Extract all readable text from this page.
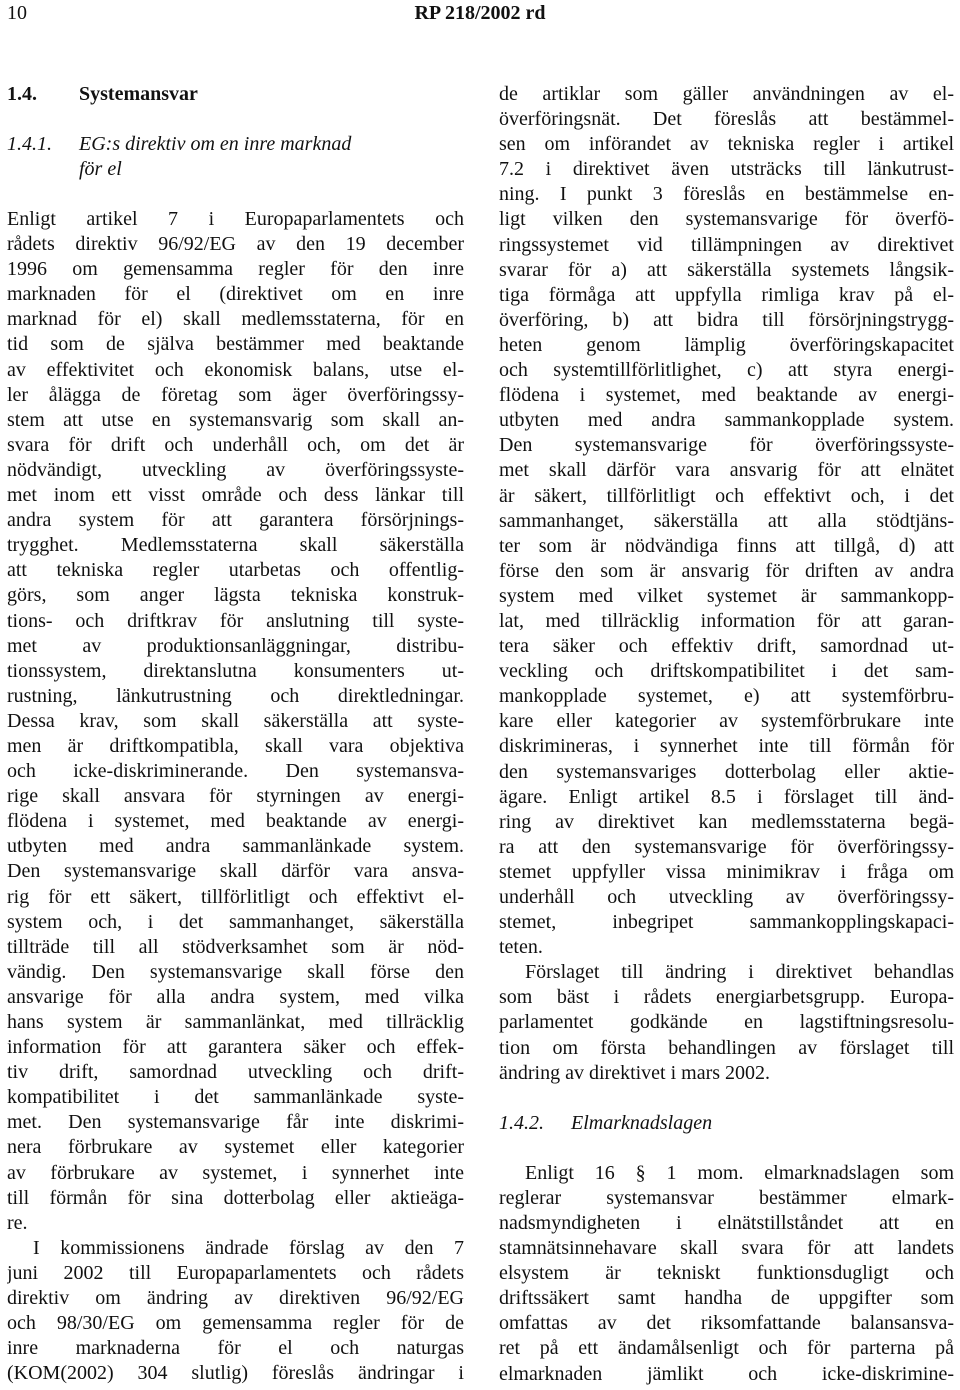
10	RP 218/2002 rd
1.4. Systemansvar
1.4.1. EG:s direktiv om en inre marknad
för el

Enligt artikel 7 i Europaparlamentets och
rådets direktiv 96/92/EG av den 19 december
1996 om gemensamma regler för den inre
marknaden för el (direktivet om en inre
marknad för el) skall medlemsstaterna, för en
tid som de själva bestämmer med beaktande
av effektivitet och ekonomisk balans, utse el-
ler ålägga de företag som äger överföringssy-
stem att utse en systemansvarig som skall an-
svara för drift och underhåll och, om det är
nödvändigt, utveckling av överföringssyste-
met inom ett visst område och dess länkar till
andra system för att garantera försörjnings-
trygghet. Medlemsstaterna skall säkerställa
att tekniska regler utarbetas och offentlig-
görs, som anger lägsta tekniska konstruk-
tions- och driftkrav för anslutning till syste-
met av produktionsanläggningar, distribu-
tionssystem, direktanslutna konsumenters ut-
rustning, länkutrustning och direktledningar.
Dessa krav, som skall säkerställa att syste-
men är driftkompatibla, skall vara objektiva
och icke-diskriminerande. Den systemansva-
rige skall ansvara för styrningen av energi-
flödena i systemet, med beaktande av energi-
utbyten med andra sammanlänkade system.
Den systemansvarige skall därför vara ansva-
rig för ett säkert, tillförlitligt och effektivt el-
system och, i det sammanhanget, säkerställa
tillträde till all stödverksamhet som är nöd-
vändig. Den systemansvarige skall förse den
ansvarige för alla andra system, med vilka
hans system är sammanlänkat, med tillräcklig
information för att garantera säker och effek-
tiv drift, samordnad utveckling och drift-
kompatibilitet i det sammanlänkade syste-
met. Den systemansvarige får inte diskrimi-
nera förbrukare av systemet eller kategorier
av förbrukare av systemet, i synnerhet inte
till förmån för sina dotterbolag eller aktieäga-
re.

I kommissionens ändrade förslag av den 7
juni 2002 till Europaparlamentets och rådets
direktiv om ändring av direktiven 96/92/EG
och 98/30/EG om gemensamma regler för de
inre marknaderna för el och naturgas
(KOM(2002) 304 slutlig) föreslås ändringar i

de artiklar som gäller användningen av el-
överföringsnät. Det föreslås att bestämmel-
sen om införandet av tekniska regler i artikel
7.2 i direktivet även utsträcks till länkutrust-
ning. I punkt 3 föreslås en bestämmelse en-
ligt vilken den systemansvarige för överfö-
ringssystemet vid tillämpningen av direktivet
svarar för a) att säkerställa systemets långsik-
tiga förmåga att uppfylla rimliga krav på el-
överföring, b) att bidra till försörjningstrygg-
heten genom lämplig överföringskapacitet
och systemtillförlitlighet, c) att styra energi-
flödena i systemet, med beaktande av energi-
utbyten med andra sammankopplade system.
Den systemansvarige för överföringssyste-
met skall därför vara ansvarig för att elnätet
är säkert, tillförlitligt och effektivt och, i det
sammanhanget, säkerställa att alla stödtjäns-
ter som är nödvändiga finns att tillgå, d) att
förse den som är ansvarig för driften av andra
system med vilket systemet är sammankopp-
lat, med tillräcklig information för att garan-
tera säker och effektiv drift, samordnad ut-
veckling och driftskompatibilitet i det sam-
mankopplade systemet, e) att systemförbru-
kare eller kategorier av systemförbrukare inte
diskrimineras, i synnerhet inte till förmån för
den systemansvariges dotterbolag eller aktie-
ägare. Enligt artikel 8.5 i förslaget till änd-
ring av direktivet kan medlemsstaterna begä-
ra att den systemansvarige för överföringssy-
stemet uppfyller vissa minimikrav i fråga om
underhåll och utveckling av överföringssy-
stemet, inbegripet sammankopplingskapaci-
teten.

Förslaget till ändring i direktivet behandlas
som bäst i rådets energiarbetsgrupp. Europa-
parlamentet godkände en lagstiftningsresolu-
tion om första behandlingen av förslaget till
ändring av direktivet i mars 2002.

1.4.2. Elmarknadslagen

Enligt 16 § 1 mom. elmarknadslagen som
reglerar systemansvar bestämmer elmark-
nadsmyndigheten i elnätstillståndet att en
stamnätsinnehavare skall svara för att landets
elsystem är tekniskt funktionsdugligt och
driftssäkert samt handha de uppgifter som
omfattas av det riksomfattande balansansva-
ret på ett ändamålsenligt och för parterna på
elmarknaden jämlikt och icke-diskrimine-
